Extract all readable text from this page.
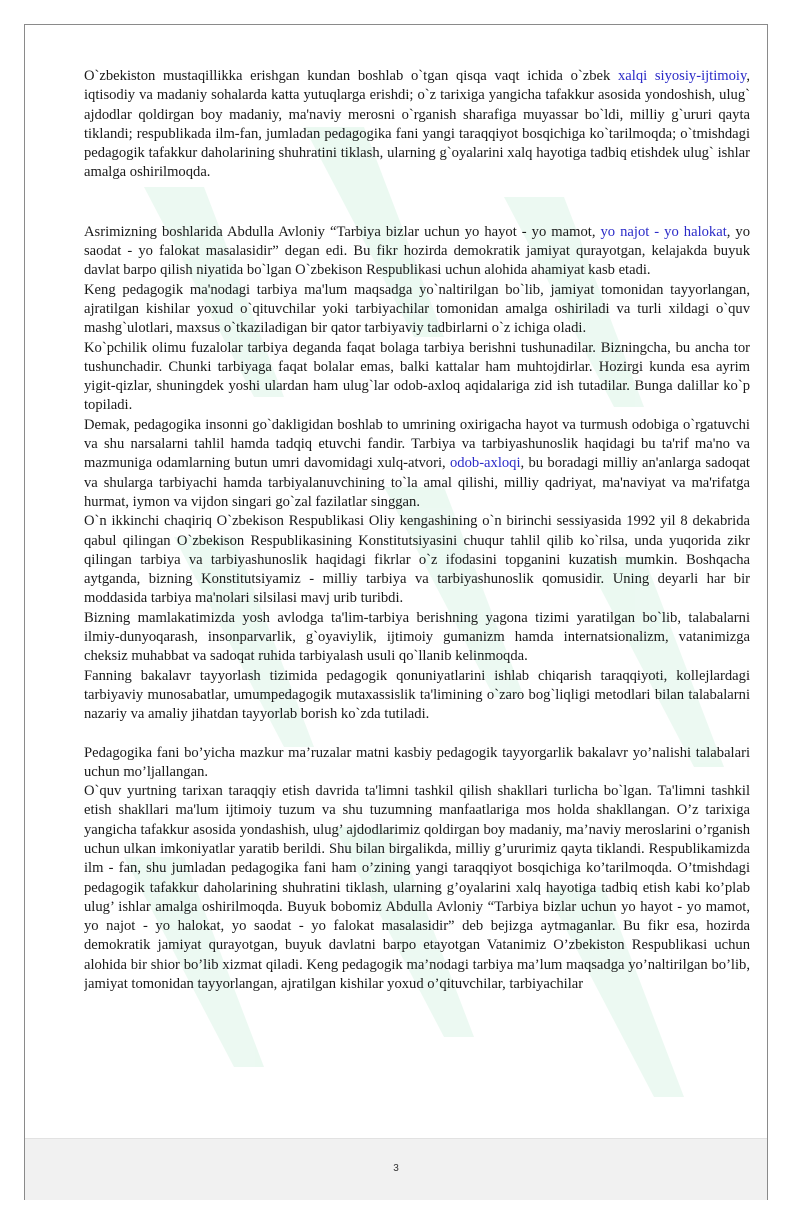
O`zbekiston mustaqillikka erishgan kundan boshlab o`tgan qisqa vaqt ichida o`zbek xalqi siyosiy-ijtimoiy, iqtisodiy va madaniy sohalarda katta yutuqlarga erishdi; o`z tarixiga yangicha tafakkur asosida yondoshish, ulug` ajdodlar qoldirgan boy madaniy, ma'naviy merosni o`rganish sharafiga muyassar bo`ldi, milliy g`ururi qayta tiklandi; respublikada ilm-fan, jumladan pedagogika fani yangi taraqqiyot bosqichiga ko`tarilmoqda; o`tmishdagi pedagogik tafakkur daholarining shuhratini tiklash, ularning g`oyalarini xalq hayotiga tadbiq etishdek ulug` ishlar amalga oshirilmoqda.

Asrimizning boshlarida Abdulla Avloniy “Tarbiya bizlar uchun yo hayot - yo mamot, yo najot - yo halokat, yo saodat - yo falokat masalasidir” degan edi. Bu fikr hozirda demokratik jamiyat qurayotgan, kelajakda buyuk davlat barpo qilish niyatida bo`lgan O`zbekison Respublikasi uchun alohida ahamiyat kasb etadi.

Keng pedagogik ma'nodagi tarbiya ma'lum maqsadga yo`naltirilgan bo`lib, jamiyat tomonidan tayyorlangan, ajratilgan kishilar yoxud o`qituvchilar yoki tarbiyachilar tomonidan amalga oshiriladi va turli xildagi o`quv mashg`ulotlari, maxsus o`tkaziladigan bir qator tarbiyaviy tadbirlarni o`z ichiga oladi.

Ko`pchilik olimu fuzalolar tarbiya deganda faqat bolaga tarbiya berishni tushunadilar. Bizningcha, bu ancha tor tushunchadir. Chunki tarbiyaga faqat bolalar emas, balki kattalar ham muhtojdirlar. Hozirgi kunda esa ayrim yigit-qizlar, shuningdek yoshi ulardan ham ulug`lar odob-axloq aqidalariga zid ish tutadilar. Bunga dalillar ko`p topiladi.

Demak, pedagogika insonni go`dakligidan boshlab to umrining oxirigacha hayot va turmush odobiga o`rgatuvchi va shu narsalarni tahlil hamda tadqiq etuvchi fandir. Tarbiya va tarbiyashunoslik haqidagi bu ta'rif ma'no va mazmuniga odamlarning butun umri davomidagi xulq-atvori, odob-axloqi, bu boradagi milliy an'anlarga sadoqat va shularga tarbiyachi hamda tarbiyalanuvchining to`la amal qilishi, milliy qadriyat, ma'naviyat va ma'rifatga hurmat, iymon va vijdon singari go`zal fazilatlar singgan.

O`n ikkinchi chaqiriq O`zbekison Respublikasi Oliy kengashining o`n birinchi sessiyasida 1992 yil 8 dekabrida qabul qilingan O`zbekison Respublikasining Konstitutsiyasini chuqur tahlil qilib ko`rilsa, unda yuqorida zikr qilingan tarbiya va tarbiyashunoslik haqidagi fikrlar o`z ifodasini topganini kuzatish mumkin. Boshqacha aytganda, bizning Konstitutsiyamiz - milliy tarbiya va tarbiyashunoslik qomusidir. Uning deyarli har bir moddasida tarbiya ma'nolari silsilasi mavj urib turibdi.

Bizning mamlakatimizda yosh avlodga ta'lim-tarbiya berishning yagona tizimi yaratilgan bo`lib, talabalarni ilmiy-dunyoqarash, insonparvarlik, g`oyaviylik, ijtimoiy gumanizm hamda internatsionalizm, vatanimizga cheksiz muhabbat va sadoqat ruhida tarbiyalash usuli qo`llanib kelinmoqda.

Fanning bakalavr tayyorlash tizimida pedagogik qonuniyatlarini ishlab chiqarish taraqqiyoti, kollejlardagi tarbiyaviy munosabatlar, umumpedagogik mutaxassislik ta'limining o`zaro bog`liqligi metodlari bilan talabalarni nazariy va amaliy jihatdan tayyorlab borish ko`zda tutiladi.

Pedagogika fani bo’yicha mazkur ma’ruzalar matni kasbiy pedagogik tayyorgarlik bakalavr yo’nalishi talabalari uchun mo’ljallangan.

O`quv yurtning tarixan taraqqiy etish davrida ta'limni tashkil qilish shakllari turlicha bo`lgan. Ta'limni tashkil etish shakllari ma'lum ijtimoiy tuzum va shu tuzumning manfaatlariga mos holda shakllangan. O’z tarixiga yangicha tafakkur asosida yondashish, ulug’ ajdodlarimiz qoldirgan boy madaniy, ma’naviy meroslarini o’rganish uchun ulkan imkoniyatlar yaratib berildi. Shu bilan birgalikda, milliy g’ururimiz qayta tiklandi. Respublikamizda ilm - fan, shu jumladan pedagogika fani ham o’zining yangi taraqqiyot bosqichiga ko’tarilmoqda. O’tmishdagi pedagogik tafakkur daholarining shuhratini tiklash, ularning g’oyalarini xalq hayotiga tadbiq etish kabi ko’plab ulug’ ishlar amalga oshirilmoqda. Buyuk bobomiz Abdulla Avloniy “Tarbiya bizlar uchun yo hayot - yo mamot, yo najot - yo halokat, yo saodat - yo falokat masalasidir” deb bejizga aytmaganlar. Bu fikr esa, hozirda demokratik jamiyat qurayotgan, buyuk davlatni barpo etayotgan Vatanimiz O’zbekiston Respublikasi uchun alohida bir shior bo’lib xizmat qiladi. Keng pedagogik ma’nodagi tarbiya ma’lum maqsadga yo’naltirilgan bo’lib, jamiyat tomonidan tayyorlangan, ajratilgan kishilar yoxud o’qituvchilar, tarbiyachilar

3
